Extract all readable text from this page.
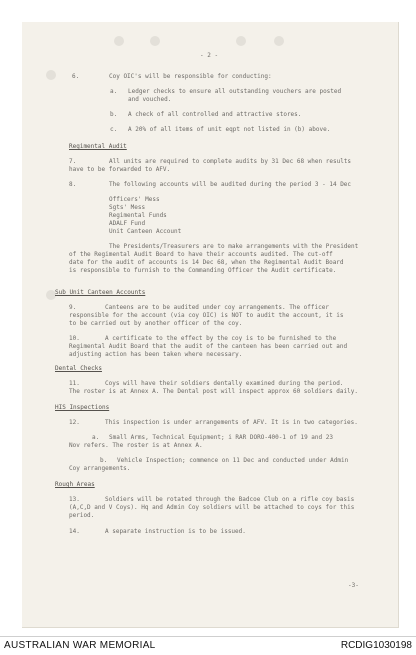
- 2 -
6.	Coy OIC's will be responsible for conducting:
a. Ledger checks to ensure all outstanding vouchers are posted
and vouched.
b. A check of all controlled and attractive stores.
c. A 20% of all items of unit eqpt not listed in (b) above.
Regimental Audit
7.	All units are required to complete audits by 31 Dec 68 when results
have to be forwarded to AFV.
8.	The following accounts will be audited during the period 3 - 14 Dec
Officers' Mess
Sgts' Mess
Regimental Funds
ADALF Fund
Unit Canteen Account
The Presidents/Treasurers are to make arrangements with the President
of the Regimental Audit Board to have their accounts audited. The cut-off
date for the audit of accounts is 14 Dec 68, when the Regimental Audit Board
is responsible to furnish to the Commanding Officer the Audit certificate.
Sub Unit Canteen Accounts
9.	Canteens are to be audited under coy arrangements. The officer
responsible for the account (via coy OIC) is NOT to audit the account, it is
to be carried out by another officer of the coy.
10.	A certificate to the effect by the coy is to be furnished to the
Regimental Audit Board that the audit of the canteen has been carried out and
adjusting action has been taken where necessary.
Dental Checks
11.	Coys will have their soldiers dentally examined during the period.
The roster is at Annex A. The Dental post will inspect approx 60 soldiers daily.
HIS Inspections
12.	This inspection is under arrangements of AFV. It is in two categories.
a. Small Arms, Technical Equipment; i RAR DORO-400-1 of 19 and 23
Nov refers. The roster is at Annex A.
b. Vehicle Inspection; commence on 11 Dec and conducted under Admin
Coy arrangements.
Rough Areas
13.	Soldiers will be rotated through the Badcoe Club on a rifle coy basis
(A,C,D and V Coys). Hq and Admin Coy soldiers will be attached to coys for this
period.
14.	A separate instruction is to be issued.
-3-
AUSTRALIAN WAR MEMORIAL	RCDIG1030198
